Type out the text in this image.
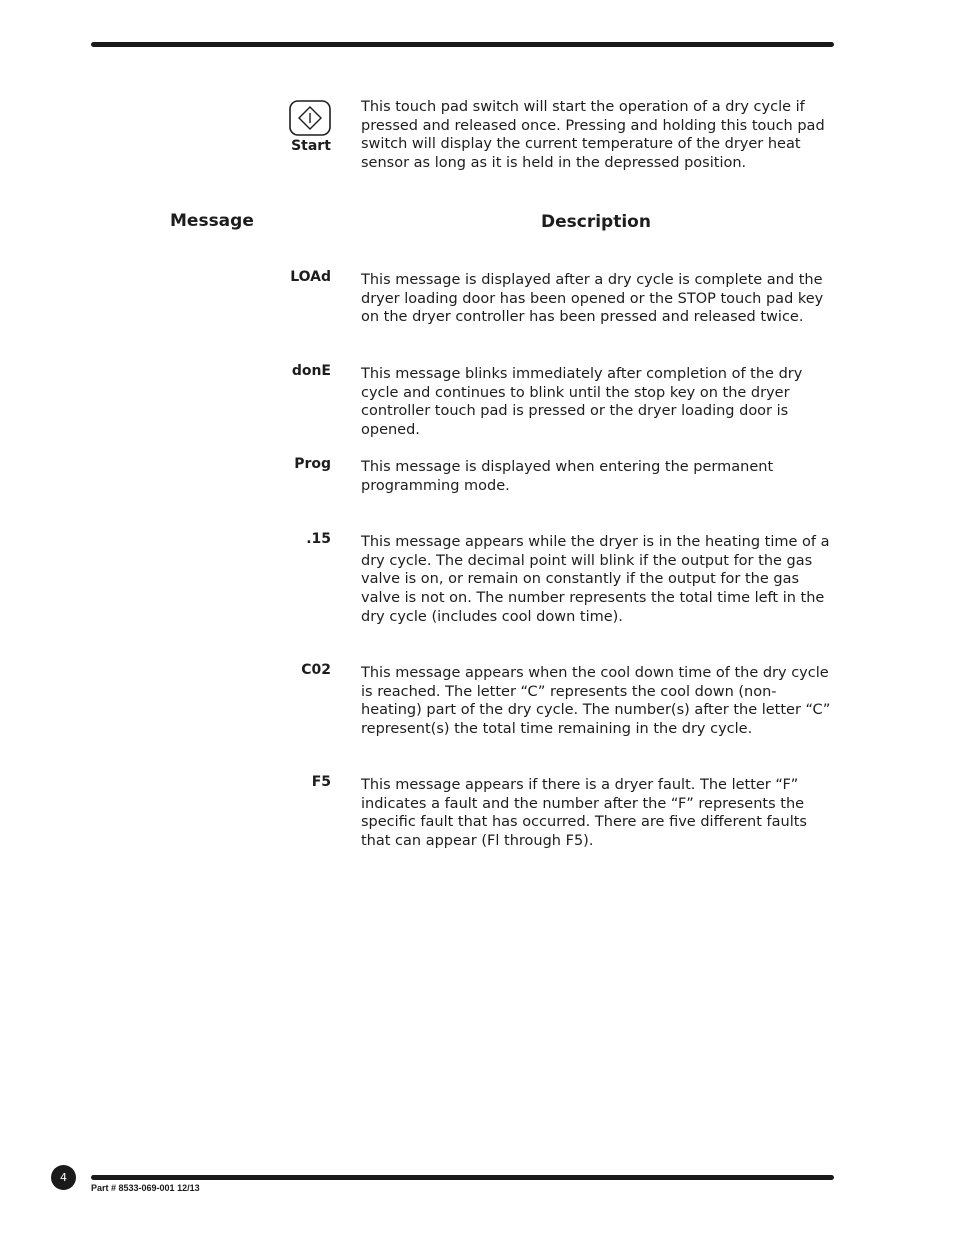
Start
This touch pad switch will start the operation of a dry cycle if pressed and released once. Pressing and holding this touch pad switch will display the current temperature of the dryer heat sensor as long as it is held in the depressed position.
Message	Description
LOAd This message is displayed after a dry cycle is complete and the dryer loading door has been opened or the STOP touch pad key on the dryer controller has been pressed and released twice.
donE This message blinks immediately after completion of the dry cycle and continues to blink until the stop key on the dryer controller touch pad is pressed or the dryer loading door is opened.
Prog This message is displayed when entering the permanent programming mode.
.15 This message appears while the dryer is in the heating time of a dry cycle. The decimal point will blink if the output for the gas valve is on, or remain on constantly if the output for the gas valve is not on. The number represents the total time left in the dry cycle (includes cool down time).
C02 This message appears when the cool down time of the dry cycle is reached. The letter “C” represents the cool down (non-heating) part of the dry cycle. The number(s) after the letter “C” represent(s) the total time remaining in the dry cycle.
F5 This message appears if there is a dryer fault. The letter “F” indicates a fault and the number after the “F” represents the specific fault that has occurred. There are five different faults that can appear (Fl through F5).
4
Part # 8533-069-001 12/13
